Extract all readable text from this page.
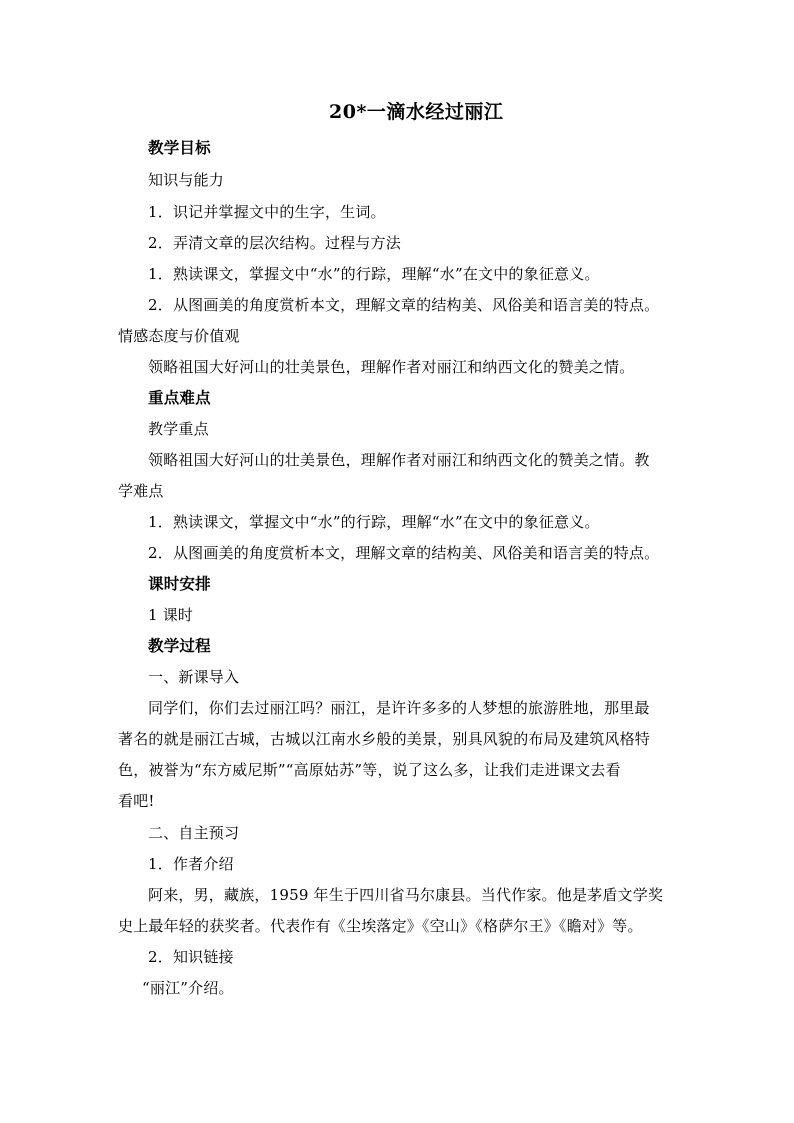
20*一滴水经过丽江
教学目标
知识与能力
1．识记并掌握文中的生字，生词。
2．弄清文章的层次结构。过程与方法
1．熟读课文，掌握文中“水”的行踪，理解“水”在文中的象征意义。
2．从图画美的角度赏析本文，理解文章的结构美、风俗美和语言美的特点。
情感态度与价值观
领略祖国大好河山的壮美景色，理解作者对丽江和纳西文化的赞美之情。
重点难点
教学重点
领略祖国大好河山的壮美景色，理解作者对丽江和纳西文化的赞美之情。教
学难点
1．熟读课文，掌握文中“水”的行踪，理解“水”在文中的象征意义。
2．从图画美的角度赏析本文，理解文章的结构美、风俗美和语言美的特点。
课时安排
1 课时
教学过程
一、新课导入
同学们，你们去过丽江吗？丽江，是许许多多的人梦想的旅游胜地，那里最
著名的就是丽江古城，古城以江南水乡般的美景，别具风貌的布局及建筑风格特
色，被誉为“东方威尼斯”“高原姑苏”等，说了这么多，让我们走进课文去看
看吧!
二、自主预习
1．作者介绍
阿来，男，藏族，1959 年生于四川省马尔康县。当代作家。他是茅盾文学奖
史上最年轻的获奖者。代表作有《尘埃落定》《空山》《格萨尔王》《瞻对》等。
2．知识链接
“丽江”介绍。
